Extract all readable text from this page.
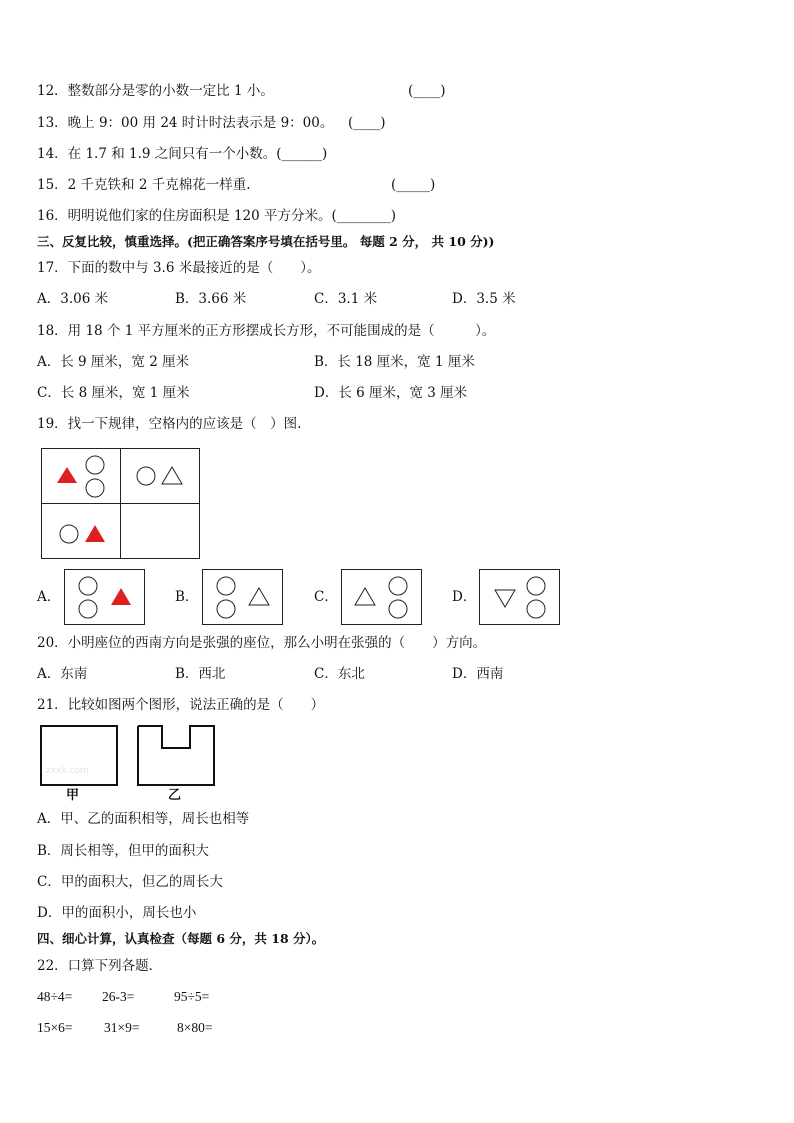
12．整数部分是零的小数一定比 1 小。	(____)
13．晚上 9：00 用 24 时计时法表示是 9：00。 (____)
14．在 1.7 和 1.9 之间只有一个小数。(______)
15．2 千克铁和 2 千克棉花一样重.	(_____)
16．明明说他们家的住房面积是 120 平方分米。(________)
三、反复比较，慎重选择。(把正确答案序号填在括号里。 每题 2 分， 共 10 分))
17．下面的数中与 3.6 米最接近的是（　　）。
A．3.06 米	B．3.66 米	C．3.1 米	D．3.5 米
18．用 18 个 1 平方厘米的正方形摆成长方形，不可能围成的是（　　　）。
A．长 9 厘米，宽 2 厘米	B．长 18 厘米，宽 1 厘米
C．长 8 厘米，宽 1 厘米	D．长 6 厘米，宽 3 厘米
19．找一下规律，空格内的应该是（　）图.
A．	B．	C．	D．
20．小明座位的西南方向是张强的座位，那么小明在张强的（　　）方向。
A．东南	B．西北	C．东北	D．西南
21．比较如图两个图形，说法正确的是（　　）
zxxk.com
甲	乙
A．甲、乙的面积相等，周长也相等
B．周长相等，但甲的面积大
C．甲的面积大，但乙的周长大
D．甲的面积小，周长也小
四、细心计算，认真检查（每题 6 分，共 18 分）。
22．口算下列各题．
48÷4= 26-3=	95÷5=
15×6= 31×9=	8×80=
